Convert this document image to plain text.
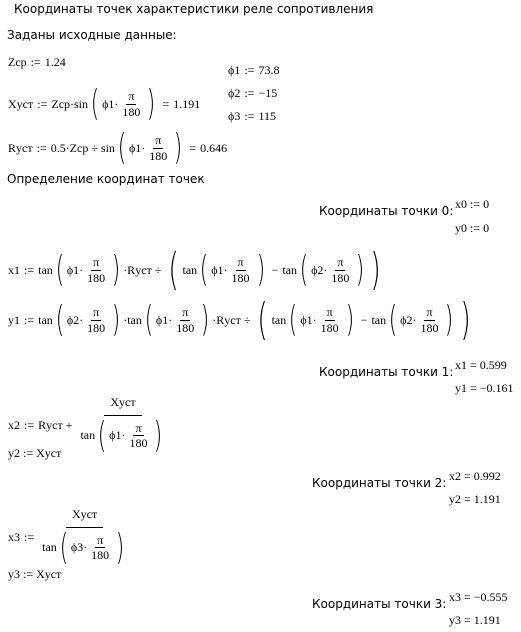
Координаты точек характеристики реле сопротивления
Заданы исходные данные:
Zcp := 1.24
ϕ1 := 73.8
ϕ2 := −15
ϕ3 := 115
Xуст := Zcp·sin ( $\phi 1\cdot \frac{\pi}{180}$ ) = 1.191
Rуст := 0.5·Zcp ÷ sin ( $\phi 1\cdot \frac{\pi}{180}$ ) = 0.646
Определение координат точек
Координаты точки 0: x0 := 0
y0 := 0
x1 := tan ( $\phi 1\cdot \frac{\pi}{180}$ ) ·Rуст ÷ ( tan ( $\phi 1\cdot \frac{\pi}{180}$ ) − tan ( $\phi 2\cdot \frac{\pi}{180}$ ) )
y1 := tan ( $\phi 2\cdot \frac{\pi}{180}$ ) · tan ( $\phi 1\cdot \frac{\pi}{180}$ ) ·Rуст ÷ ( tan ( $\phi 1\cdot \frac{\pi}{180}$ ) − tan ( $\phi 2\cdot \frac{\pi}{180}$ ) )
Координаты точки 1: x1 = 0.599
y1 = −0.161
x2 := Rуст + $\frac{\text{Xуст}}{\tan ( \phi 1\cdot \frac{\pi}{180} )}$
y2 := Xуст
Координаты точки 2: x2 = 0.992
y2 = 1.191
x3 := $\frac{\text{Xуст}}{\tan ( \phi 3\cdot \frac{\pi}{180} )}$
y3 := Xуст
Координаты точки 3: x3 = −0.555
y3 = 1.191
